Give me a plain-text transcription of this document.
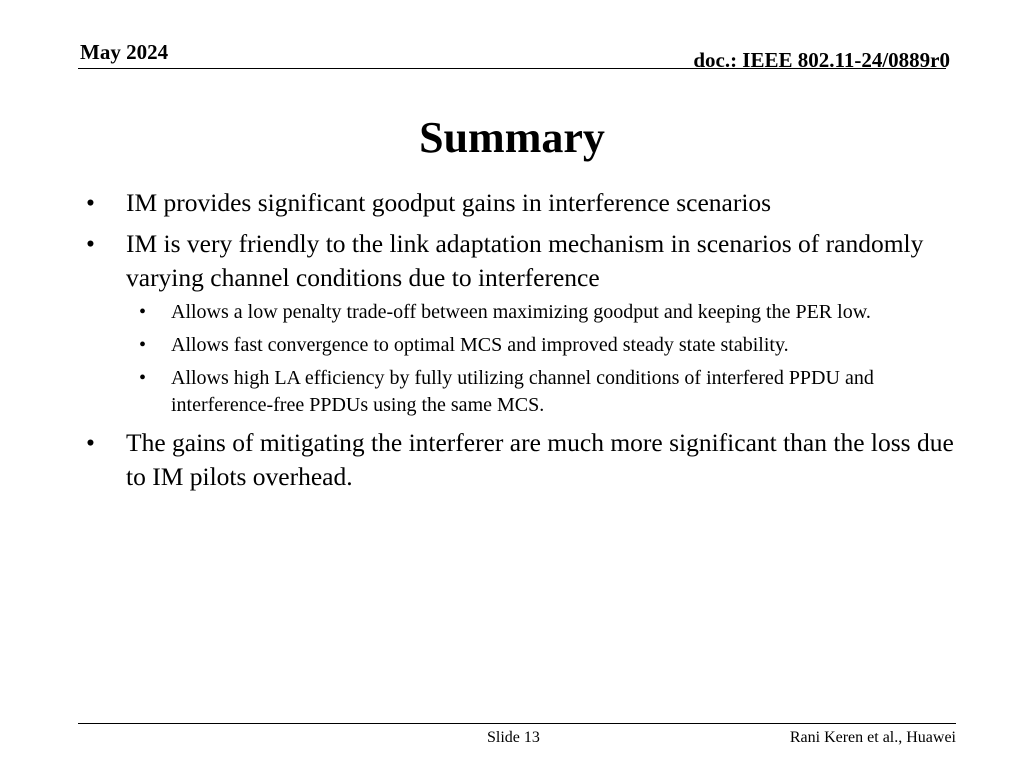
May 2024	doc.: IEEE 802.11-24/0889r0
Summary
•	IM provides significant goodput gains in interference scenarios
•	IM is very friendly to the link adaptation mechanism in scenarios of randomly varying channel conditions due to interference
•	Allows a low penalty trade-off between maximizing goodput and keeping the PER low.
•	Allows fast convergence to optimal MCS and improved steady state stability.
•	Allows high LA efficiency by fully utilizing channel conditions of interfered PPDU and interference-free PPDUs using the same MCS.
•	The gains of mitigating the interferer are much more significant than the loss due to IM pilots overhead.
Slide 13	Rani Keren et al., Huawei
